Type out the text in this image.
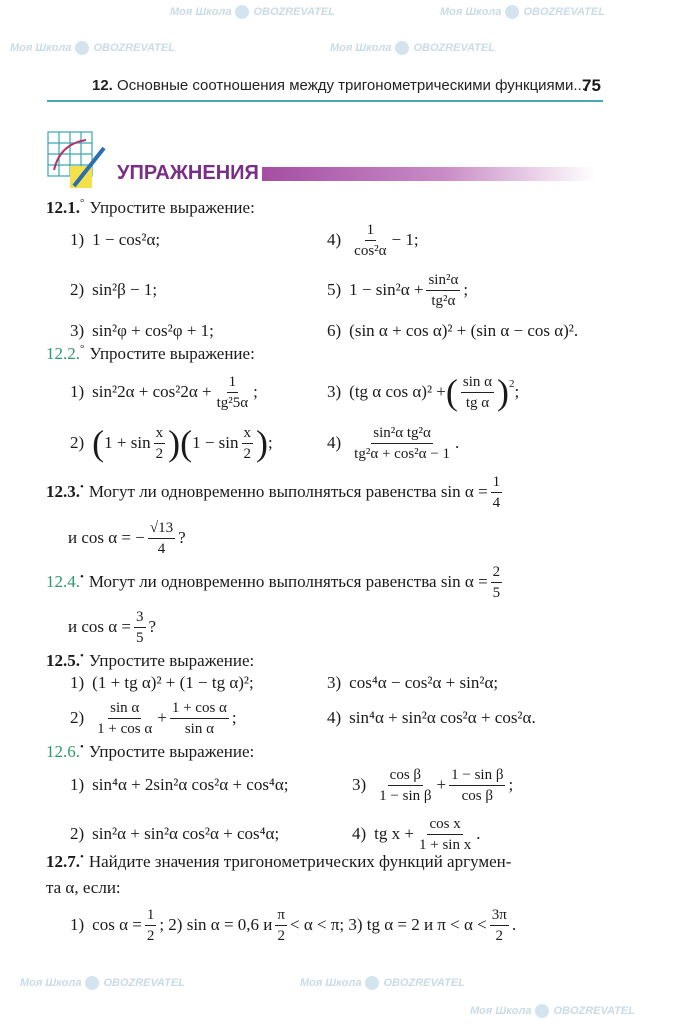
12. Основные соотношения между тригонометрическими функциями...
75
УПРАЖНЕНИЯ
Моя Школа OBOZREVATEL	Моя Школа OBOZREVATEL
Моя Школа OBOZREVATEL	Моя Школа OBOZREVATEL
Моя Школа OBOZREVATEL	Моя Школа OBOZREVATEL
Моя Школа OBOZREVATEL
12.1. ° Упростите выражение:
1) 1 − cos²α;	$4) \frac{1}{\text{cos²α}} - 1$;
2) sin²β − 1;	5) $1 - \sin^2\alpha + \frac{\text{sin²α}}{\text{tg²α}}$ ;
3) sin²φ + cos²φ + 1;	6) (sin α + cos α)² + (sin α − cos α)².
12.2. ° Упростите выражение:
1) $\sin^22\alpha + \cos^22\alpha + \frac{1}{\text{tg²5α}}$ ;	3) (tg α cos α)² + ( $\frac{\text{sin α}}{\text{tg α}}$ ) 2 ;
2) ( $1 + \sin \frac{x}{2}$ )( $1 - \sin \frac{x}{2}$ ) ;	$4) \frac{\text{sin²α tg²α}}{\text{tg²α + cos²α − 1}}$ .
12.3. • Могут ли одновременно выполняться равенства $\sin \alpha = \frac{1}{4}$
и cos α = − $\frac{√13}{4}$ ?
12.4. • Могут ли одновременно выполняться равенства $\sin \alpha = \frac{2}{5}$
и $\cos \alpha = \frac{3}{5}$ ?
12.5. • Упростите выражение:
1) (1 + tg α)² + (1 − tg α)²;	3) cos⁴α − cos²α + sin²α;
$2) \frac{\text{sin α}}{\text{1 + cos α}} + \frac{\text{1 + cos α}}{\text{sin α}}$ ;	4) sin⁴α + sin²α cos²α + cos²α.
12.6. • Упростите выражение:
1) sin⁴α + 2sin²α cos²α + cos⁴α;	$3) \frac{\text{cos β}}{\text{1 − sin β}} + \frac{\text{1 − sin β}}{\text{cos β}}$ ;
2) sin²α + sin²α cos²α + cos⁴α;	4) tg $x + \frac{\text{cos x}}{\text{1 + sin x}}$ .
12.7. • Найдите значения тригонометрических функций аргумен-
та α, если:
1) $\cos \alpha = \frac{1}{2}$ ; 2) sin α = 0,6 и $\frac{\pi}{2} < \alpha < \pi$; 3) tg α = 2 и $\pi < \alpha < \frac{3\pi}{2}$ .
